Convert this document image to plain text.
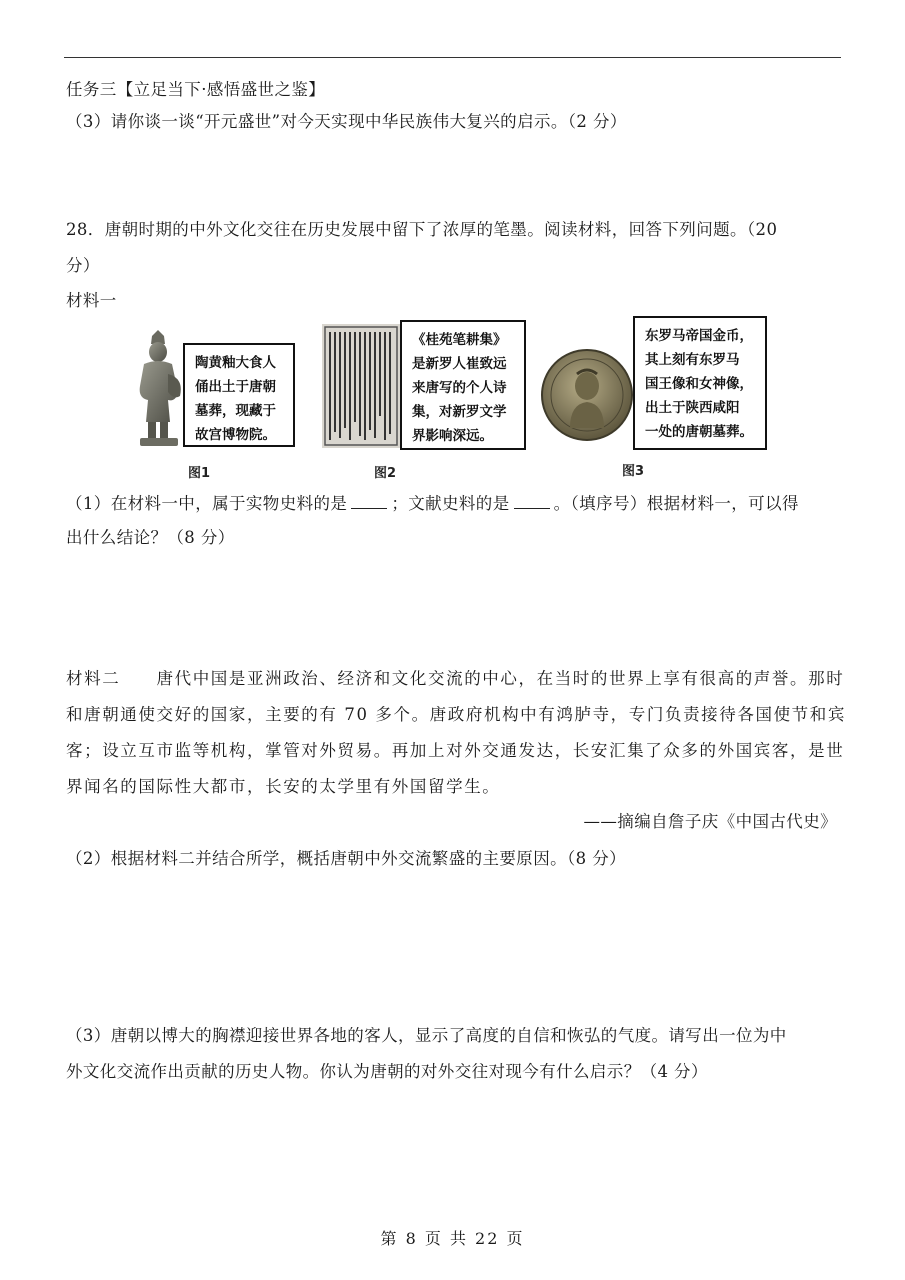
任务三【立足当下·感悟盛世之鉴】
（3）请你谈一谈“开元盛世”对今天实现中华民族伟大复兴的启示。（2 分）
28．唐朝时期的中外文化交往在历史发展中留下了浓厚的笔墨。阅读材料，回答下列问题。（20
分）
材料一
陶黄釉大食人
俑出土于唐朝
墓葬，现藏于
故宫博物院。
图1
《桂苑笔耕集》
是新罗人崔致远
来唐写的个人诗
集，对新罗文学
界影响深远。
图2
东罗马帝国金币，
其上刻有东罗马
国王像和女神像，
出土于陕西咸阳
一处的唐朝墓葬。
图3
（1）在材料一中，属于实物史料的是	；文献史料的是	。（填序号）根据材料一，可以得
出什么结论？（8 分）
材料二　　唐代中国是亚洲政治、经济和文化交流的中心，在当时的世界上享有很高的声誉。那时
和唐朝通使交好的国家，主要的有 70 多个。唐政府机构中有鸿胪寺，专门负责接待各国使节和宾
客；设立互市监等机构，掌管对外贸易。再加上对外交通发达，长安汇集了众多的外国宾客，是世
界闻名的国际性大都市，长安的太学里有外国留学生。
——摘编自詹子庆《中国古代史》
（2）根据材料二并结合所学，概括唐朝中外交流繁盛的主要原因。（8 分）
（3）唐朝以博大的胸襟迎接世界各地的客人，显示了高度的自信和恢弘的气度。请写出一位为中
外文化交流作出贡献的历史人物。你认为唐朝的对外交往对现今有什么启示？（4 分）
第 8 页 共 22 页
